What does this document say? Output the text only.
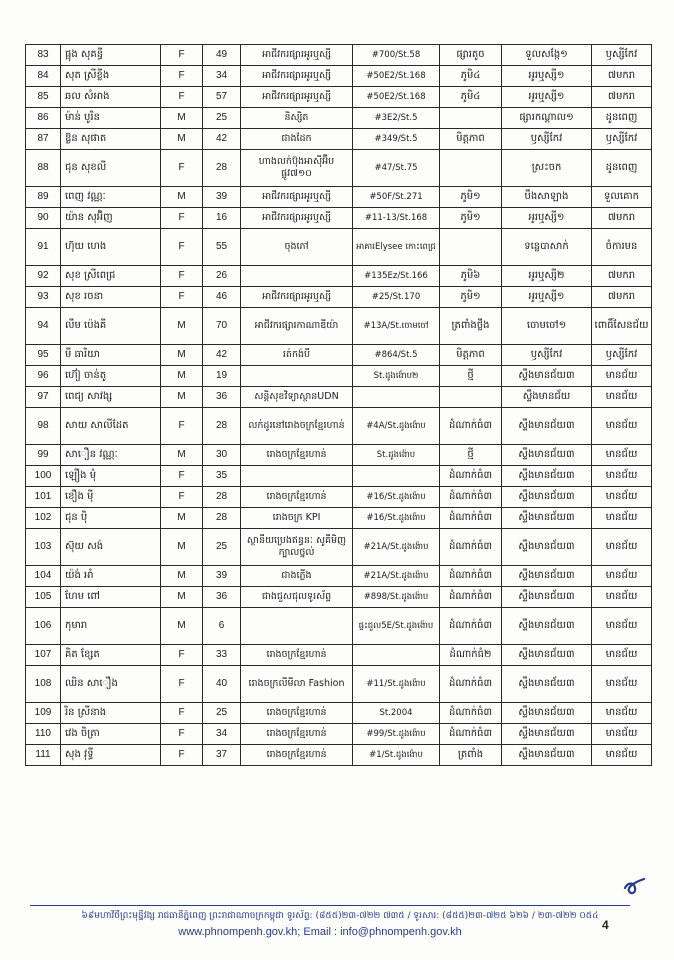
83	ផ្អុង សុគន្ធី	F	49	អាជីវករផ្សារអូរឬស្សី	#700/St.58	ផ្សារតូច	ទួលសង្កែ១	ឫស្សីកែវ
84	សុត ស្រីខ្លីង	F	34	អាជីវករផ្សារអូរឬស្សី	#50E2/St.168	ភូមិ៤	អូរឬស្សី១	៧មករា
85	ឆល សំអាង	F	57	អាជីវករផ្សារអូរឬស្សី	#50E2/St.168	ភូមិ៤	អូរឬស្សី១	៧មករា
86	ម៉ាន់ បូរិន	M	25	និស្សិត	#3E2/St.5		ផ្សារកណ្តាល១	ដូនពេញ
87	ឱ្ងន សុផាត	M	42	ជាងដែក	#349/St.5	មិត្តភាព	ឫស្សីកែវ	ឫស្សីកែវ
88	ជុន សុខលី	F	28	ហាងលក់ប៊ុងអាស៊ីអ៊ីប ផ្លូវ៧១០	#47/St.75		ស្រះចក	ដូនពេញ
89	ពេញ វណ្ណៈ	M	39	អាជីវករផ្សារអូរឬស្សី	#50F/St.271	ភូមិ១	បឹងសាឡាង	ទួលគោក
90	យ៉ាន សុអ៊ិញ	F	16	អាជីវករផ្សារអូរឬស្សី	#11-13/St.168	ភូមិ១	អូរឬស្សី១	៧មករា
91	ហ៊ុយ ហេង	F	55	ចុងភៅ	អាគារElysee កោះពេជ្រ		ទន្លេបាសាក់	ចំការមន
92	សុខ ស្រីពេជ្រ	F	26		#135Ez/St.166	ភូមិ៦	អូរឬស្សី២	៧មករា
93	សុខ រចនា	F	46	អាជីវករផ្សារអូរឬស្សី	#25/St.170	ភូមិ១	អូរឬស្សី១	៧មករា
94	លឹម ប៉េងគី	M	70	អាជីវករផ្សារកាណាឌីយ៉ា	#13A/St.ចោមចៅ	ត្រពាំងថ្លឹង	ចោមចៅ១	ពោធិ៍សែនជ័យ
95	មី ធារិយា	M	42	រត់កង់បី	#864/St.5	មិត្តភាព	ឫស្សីកែវ	ឫស្សីកែវ
96	ហ៊ៀ ចាន់តូ	M	19		St.ដូងង៉ោប២	ថ្មី	ស្ទឹងមានជ័យ៣	មានជ័យ
97	ពេជ្យ សាវង្ស	M	36	សន្តិសុខវិទ្យាស្ថានUDN			ស្ទឹងមានជ័យ	មានជ័យ
98	សាយ សាលីដែត	F	28	លក់ដូរនៅរោងចក្រខ្មែរហាន់	#4A/St.ដូងង៉ោប	ដំណាក់ធំ៣	ស្ទឹងមានជ័យ៣	មានជ័យ
99	សាឿន វណ្ណៈ	M	30	រោងចក្រខ្មែរហាន់	St.ដូងង៉ោប	ថ្មី	ស្ទឹងមានជ័យ៣	មានជ័យ
100	ឡឿង មុំ	F	35			ដំណាក់ធំ៣	ស្ទឹងមានជ័យ៣	មានជ័យ
101	ខឿង ម៉ី	F	28	រោងចក្រខ្មែរហាន់	#16/St.ដូងង៉ោប	ដំណាក់ធំ៣	ស្ទឹងមានជ័យ៣	មានជ័យ
102	ជុន ប៉ិ	M	28	រោងចក្រ KPI	#16/St.ដូងង៉ោប	ដំណាក់ធំ៣	ស្ទឹងមានជ័យ៣	មានជ័យ
103	ស៊ុយ សង់	M	25	ស្ថានីយប្រេងឥន្ធនៈ សូគីមិញក្បាលថ្នល់	#21A/St.ដូងង៉ោប	ដំណាក់ធំ៣	ស្ទឹងមានជ័យ៣	មានជ័យ
104	យ៉ង់ អាំ	M	39	ជាងភ្លើង	#21A/St.ដូងង៉ោប	ដំណាក់ធំ៣	ស្ទឹងមានជ័យ៣	មានជ័យ
105	ហែម ពៅ	M	36	ជាងជួសជុលទូរស័ព្ទ	#898/St.ដូងង៉ោប	ដំណាក់ធំ៣	ស្ទឹងមានជ័យ៣	មានជ័យ
106	កុមារា	M	6		ផ្ទះជួល5E/St.ដូងង៉ោប	ដំណាក់ធំ៣	ស្ទឹងមានជ័យ៣	មានជ័យ
107	គិត ខ្សែត	F	33	រោងចក្រខ្មែរហាន់		ដំណាក់ធំ២	ស្ទឹងមានជ័យ៣	មានជ័យ
108	ឈិន សាឿង	F	40	រោងចក្រលីមីលា Fashion	#11/St.ដូងង៉ោប	ដំណាក់ធំ៣	ស្ទឹងមានជ័យ៣	មានជ័យ
109	រិន ស្រីនាង	F	25	រោងចក្រខ្មែរហាន់	St.2004	ដំណាក់ធំ៣	ស្ទឹងមានជ័យ៣	មានជ័យ
110	វេង ចិត្រា	F	34	រោងចក្រខ្មែរហាន់	#99/St.ដូងង៉ោប	ដំណាក់ធំ៣	ស្ទឹងមានជ័យ៣	មានជ័យ
111	សុង វុទ្ធី	F	37	រោងចក្រខ្មែរហាន់	#1/St.ដូងង៉ោប	ត្រពាំង	ស្ទឹងមានជ័យ៣	មានជ័យ
៦៩មហាវិថីព្រះមុន្នីវង្ស រាជធានីភ្នំពេញ ព្រះរាជាណាចក្រកម្ពុជា ទូរស័ព្ទ: (៨៥៥)២៣-៧២២ ៧៣៥ / ទូរសារ: (៨៥៥)២៣-៧២៥ ៦២៦ / ២៣-៧២២ ០៥៤
www.phnompenh.gov.kh; Email : info@phnompenh.gov.kh	4
